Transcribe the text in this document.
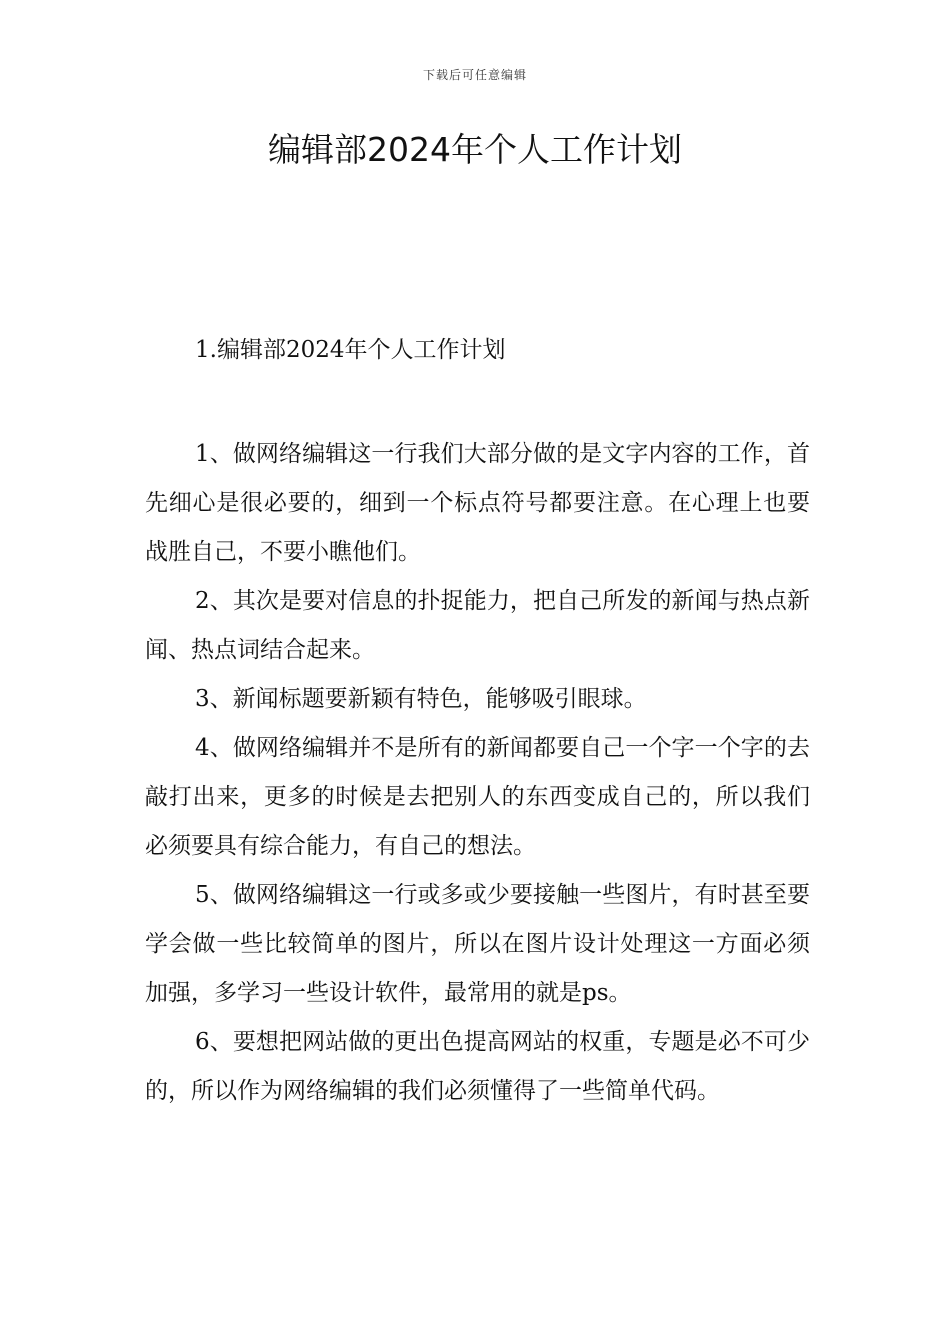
下载后可任意编辑
编辑部2024年个人工作计划

1.编辑部2024年个人工作计划

1、做网络编辑这一行我们大部分做的是文字内容的工作，首先细心是很必要的，细到一个标点符号都要注意。在心理上也要战胜自己，不要小瞧他们。

2、其次是要对信息的扑捉能力，把自己所发的新闻与热点新闻、热点词结合起来。

3、新闻标题要新颖有特色，能够吸引眼球。

4、做网络编辑并不是所有的新闻都要自己一个字一个字的去敲打出来，更多的时候是去把别人的东西变成自己的，所以我们必须要具有综合能力，有自己的想法。

5、做网络编辑这一行或多或少要接触一些图片，有时甚至要学会做一些比较简单的图片，所以在图片设计处理这一方面必须加强，多学习一些设计软件，最常用的就是ps。

6、要想把网站做的更出色提高网站的权重，专题是必不可少的，所以作为网络编辑的我们必须懂得了一些简单代码。
